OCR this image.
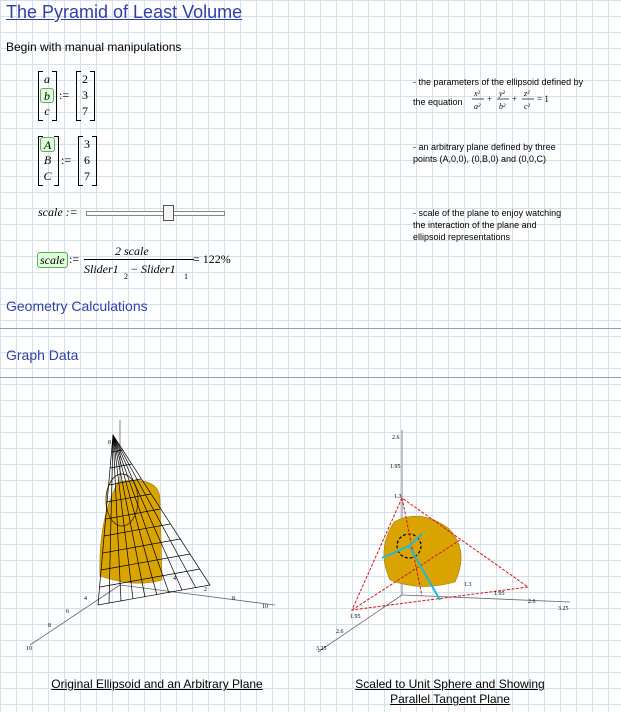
The Pyramid of Least Volume
Begin with manual manipulations
a
b
c
:=
2
3
7
A
B
C
:=
3
6
7
scale :=
scale :=
2 scale
Slider1
2
− Slider1
1
= 122%
- the parameters of the ellipsoid defined by
the equation
x²
a²
+
y²
b²
+
z²
c²
= 1
- an arbitrary plane defined by three
points (A,0,0), (0,B,0) and (0,0,C)
- scale of the plane to enjoy watching
the interaction of the plane and
ellipsoid representations
Geometry Calculations
Graph Data
8
4
6
8
10
8
10
4
2
2.6
1.95
1.3
1.3
1.95
2.6
3.25
1.95
2.6
3.25
Original Ellipsoid and an Arbitrary Plane	Scaled to Unit Sphere and Showing
Parallel Tangent Plane
